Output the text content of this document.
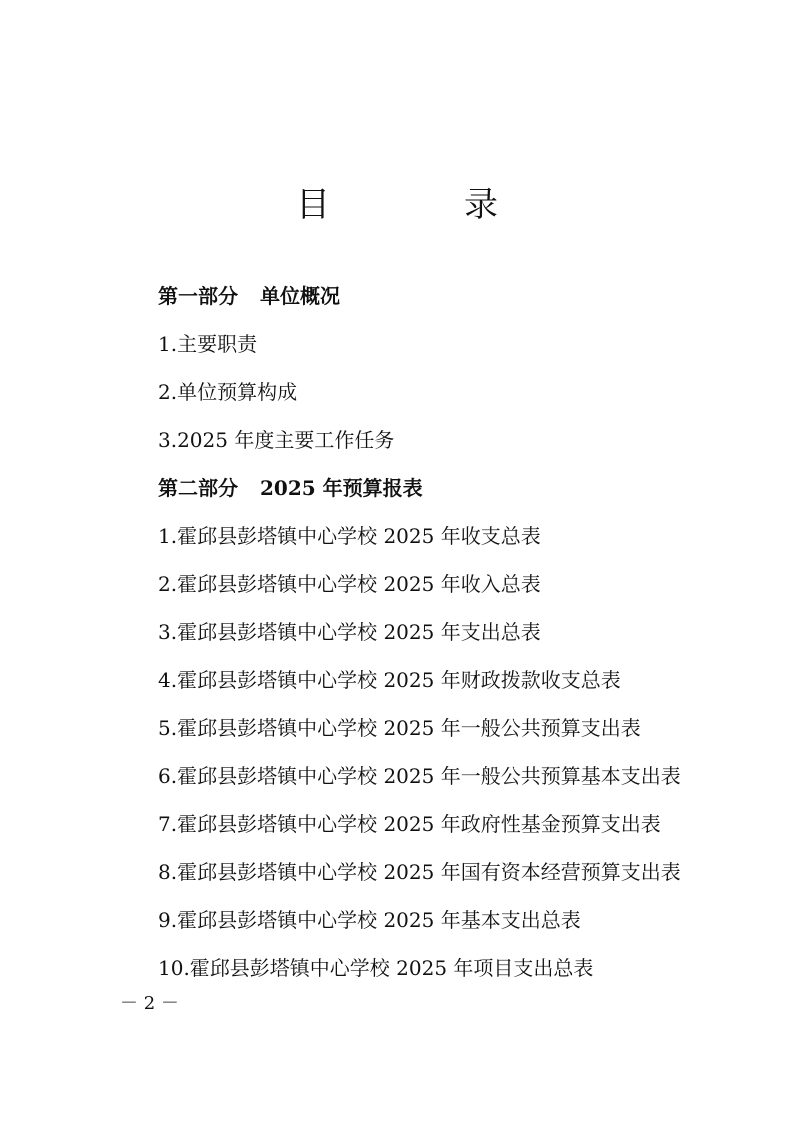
目　录
第一部分 单位概况
1.主要职责
2.单位预算构成
3.2025 年度主要工作任务
第二部分 2025 年预算报表
1.霍邱县彭塔镇中心学校 2025 年收支总表
2.霍邱县彭塔镇中心学校 2025 年收入总表
3.霍邱县彭塔镇中心学校 2025 年支出总表
4.霍邱县彭塔镇中心学校 2025 年财政拨款收支总表
5.霍邱县彭塔镇中心学校 2025 年一般公共预算支出表
6.霍邱县彭塔镇中心学校 2025 年一般公共预算基本支出表
7.霍邱县彭塔镇中心学校 2025 年政府性基金预算支出表
8.霍邱县彭塔镇中心学校 2025 年国有资本经营预算支出表
9.霍邱县彭塔镇中心学校 2025 年基本支出总表
10.霍邱县彭塔镇中心学校 2025 年项目支出总表
－ 2 －
